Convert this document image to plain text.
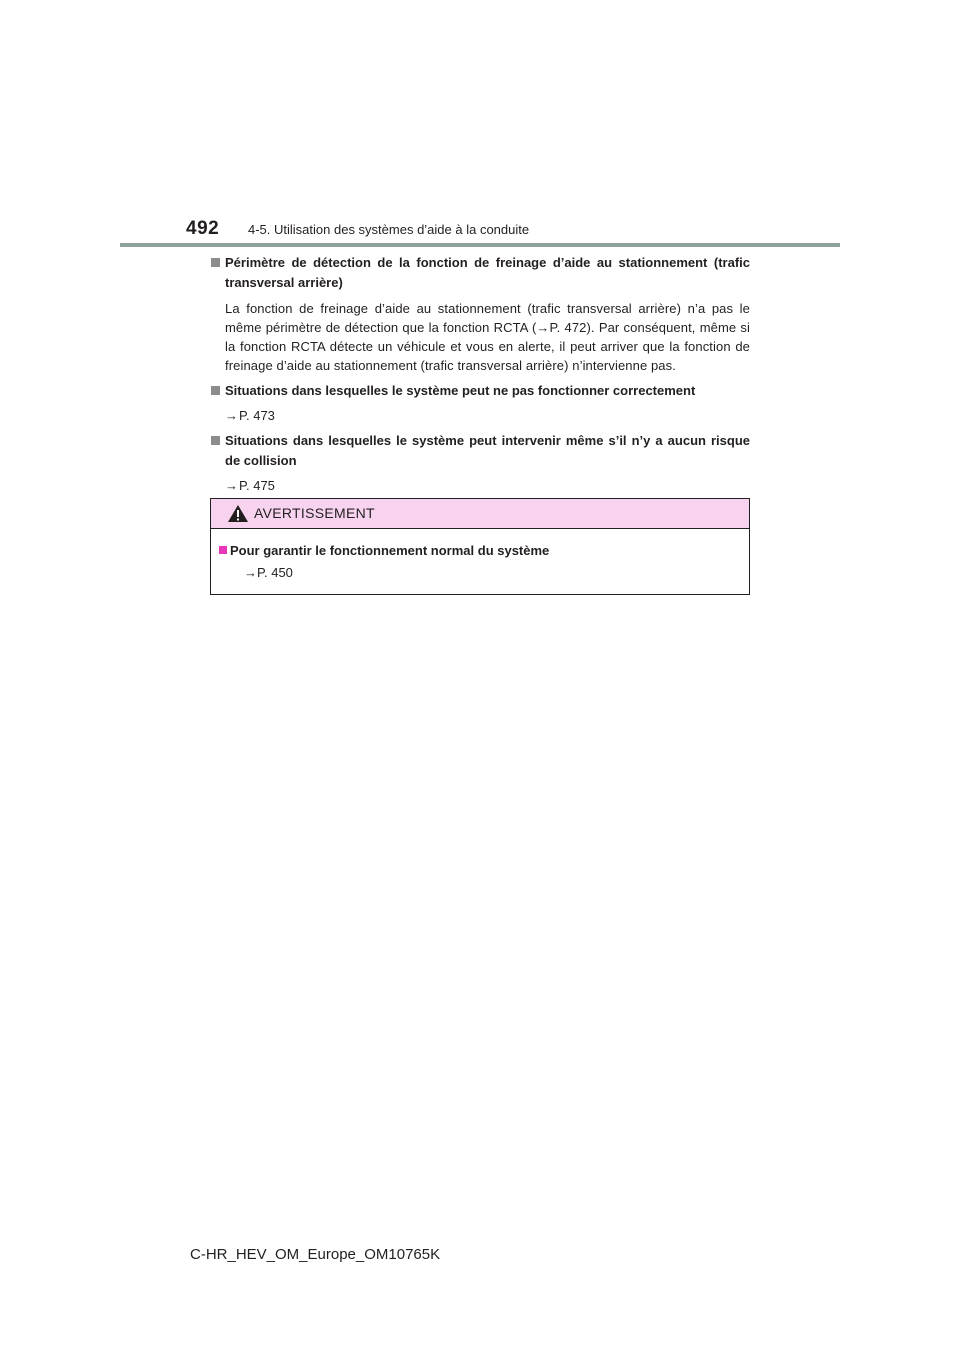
492 4-5. Utilisation des systèmes d’aide à la conduite
Périmètre de détection de la fonction de freinage d’aide au stationnement (trafic transversal arrière)
La fonction de freinage d’aide au stationnement (trafic transversal arrière) n’a pas le même périmètre de détection que la fonction RCTA (→P. 472). Par conséquent, même si la fonction RCTA détecte un véhicule et vous en alerte, il peut arriver que la fonction de freinage d’aide au stationnement (trafic transversal arrière) n’intervienne pas.
Situations dans lesquelles le système peut ne pas fonctionner correctement
→P. 473
Situations dans lesquelles le système peut intervenir même s’il n’y a aucun risque de collision
→P. 475
AVERTISSEMENT
Pour garantir le fonctionnement normal du système
→P. 450
C-HR_HEV_OM_Europe_OM10765K
